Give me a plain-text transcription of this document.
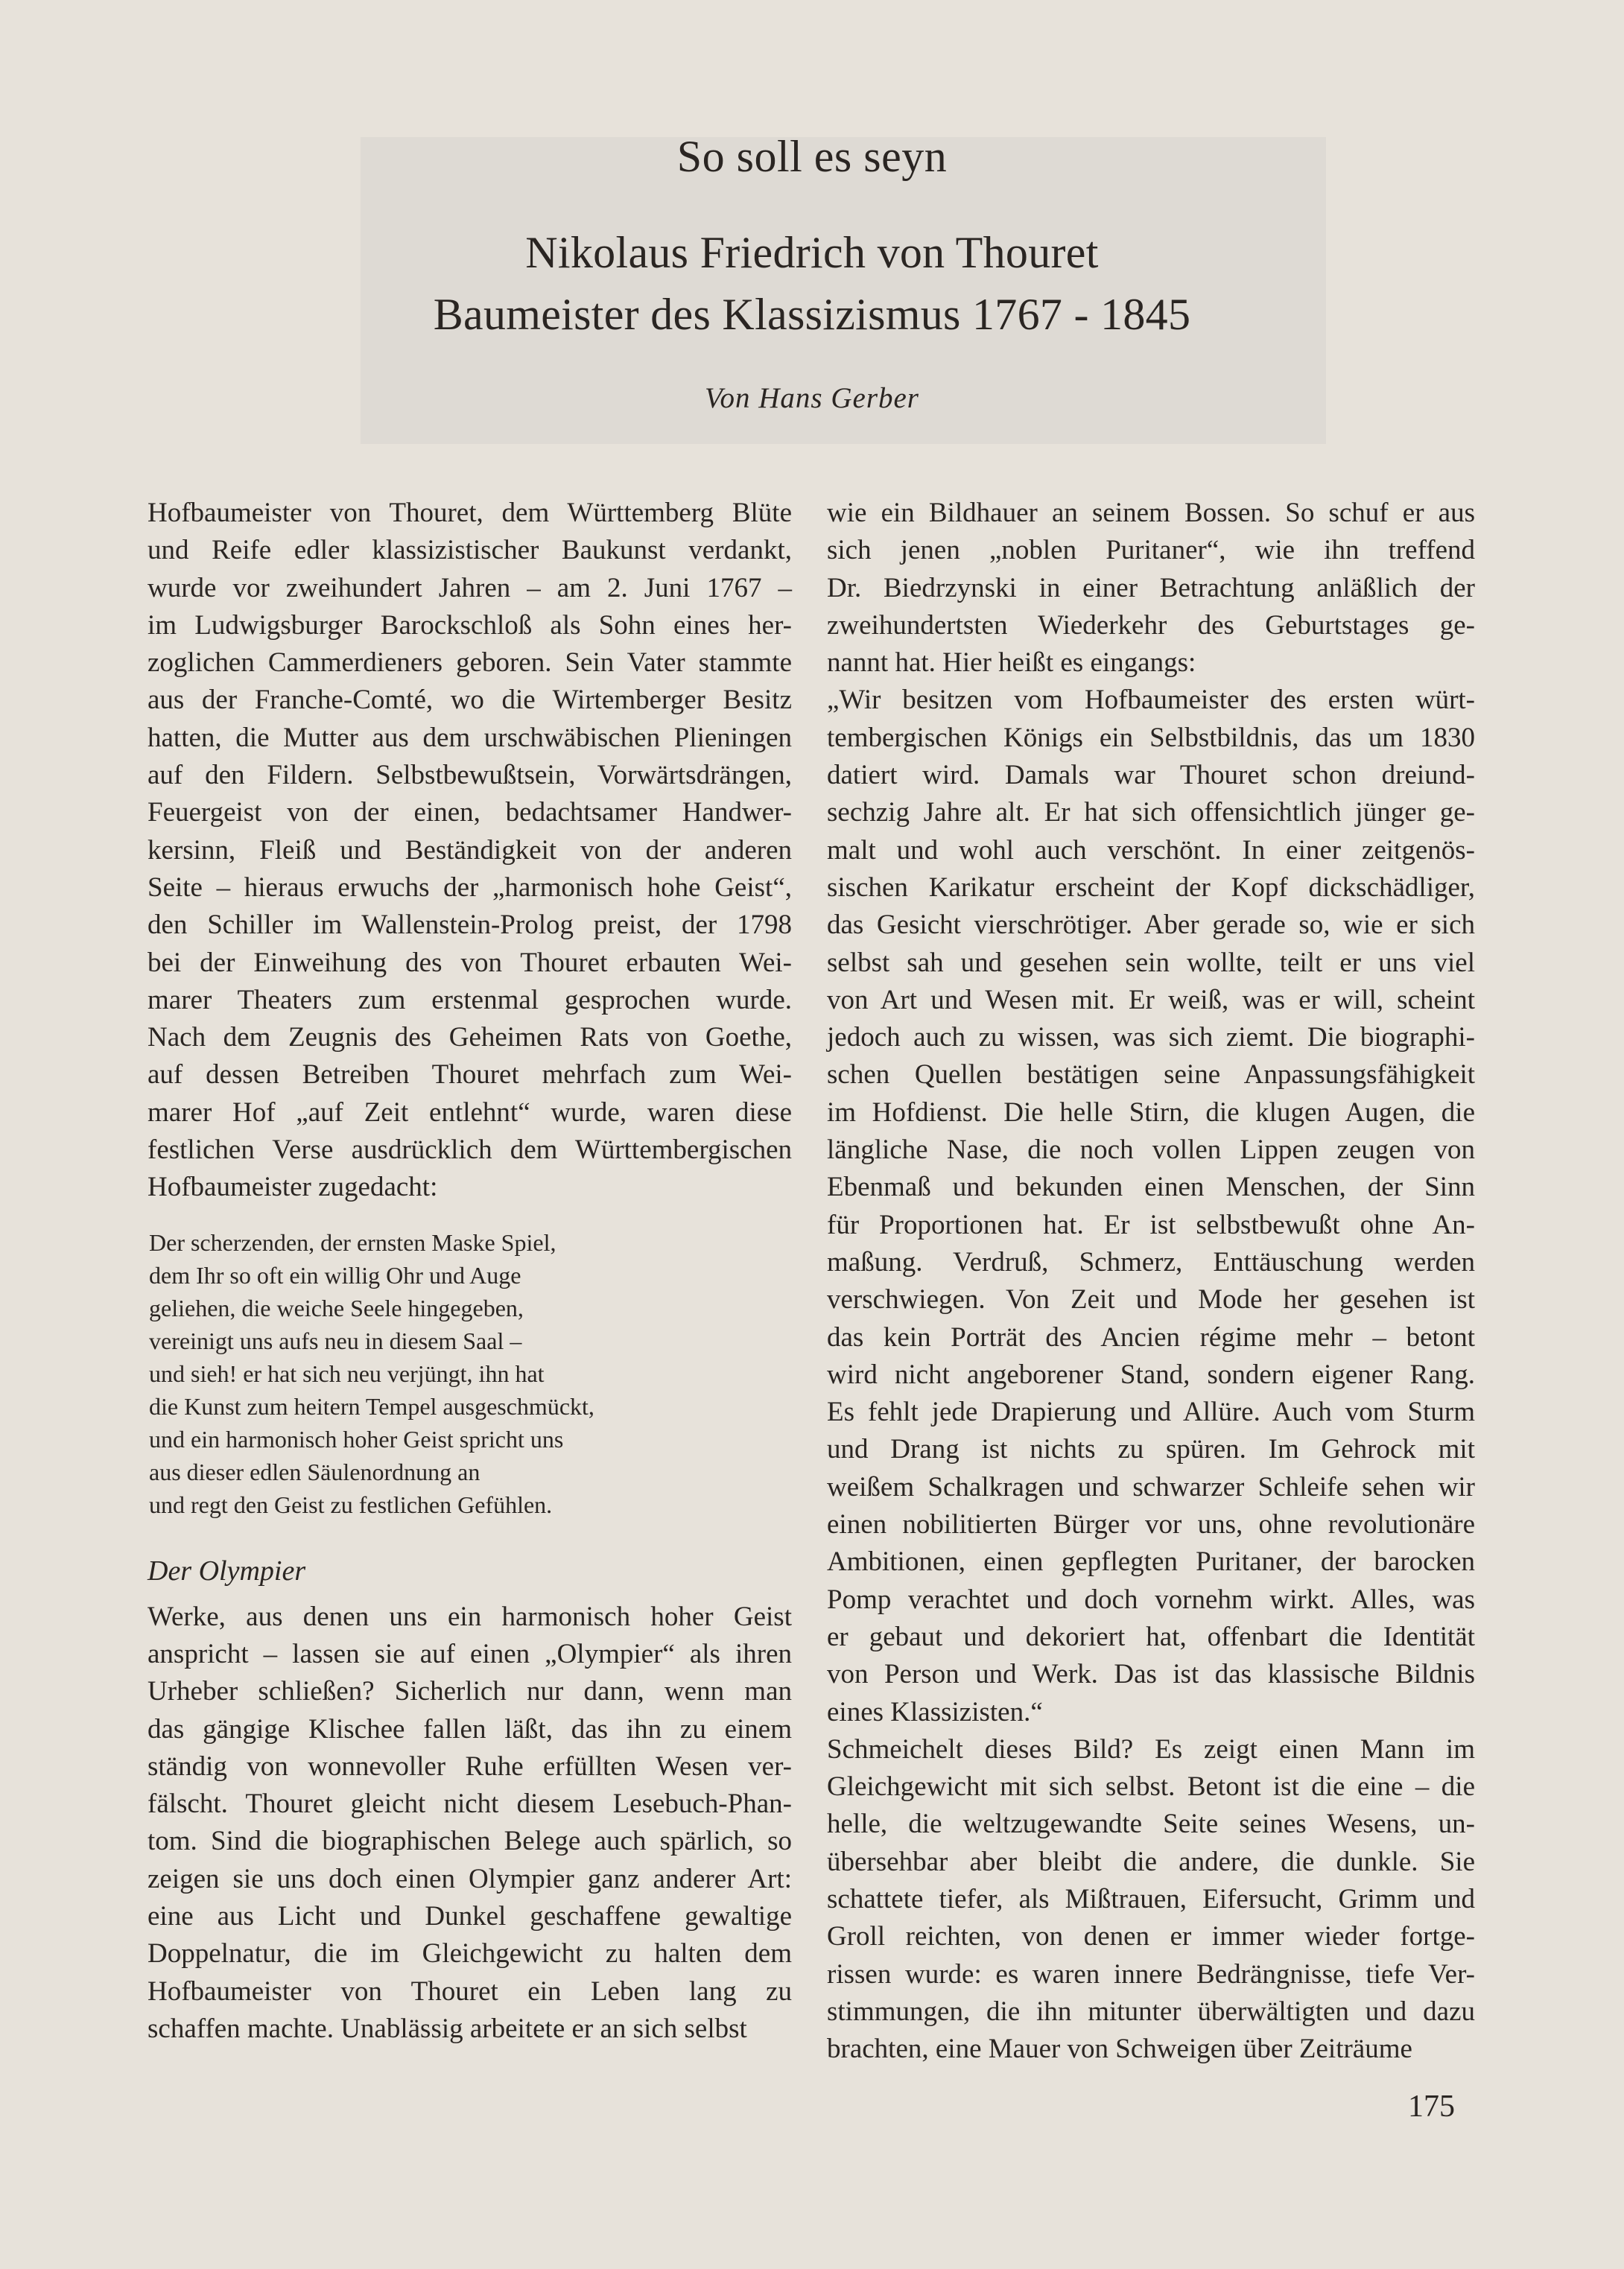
So soll es seyn
Nikolaus Friedrich von Thouret
Baumeister des Klassizismus 1767 - 1845
Von Hans Gerber
Hofbaumeister von Thouret, dem Württemberg Blüte
und Reife edler klassizistischer Baukunst verdankt,
wurde vor zweihundert Jahren – am 2. Juni 1767 –
im Ludwigsburger Barockschloß als Sohn eines her-
zoglichen Cammerdieners geboren. Sein Vater stammte
aus der Franche-Comté, wo die Wirtemberger Besitz
hatten, die Mutter aus dem urschwäbischen Plieningen
auf den Fildern. Selbstbewußtsein, Vorwärtsdrängen,
Feuergeist von der einen, bedachtsamer Handwer-
kersinn, Fleiß und Beständigkeit von der anderen
Seite – hieraus erwuchs der „harmonisch hohe Geist“,
den Schiller im Wallenstein-Prolog preist, der 1798
bei der Einweihung des von Thouret erbauten Wei-
marer Theaters zum erstenmal gesprochen wurde.
Nach dem Zeugnis des Geheimen Rats von Goethe,
auf dessen Betreiben Thouret mehrfach zum Wei-
marer Hof „auf Zeit entlehnt“ wurde, waren diese
festlichen Verse ausdrücklich dem Württembergischen
Hofbaumeister zugedacht:
Der scherzenden, der ernsten Maske Spiel,
dem Ihr so oft ein willig Ohr und Auge
geliehen, die weiche Seele hingegeben,
vereinigt uns aufs neu in diesem Saal –
und sieh! er hat sich neu verjüngt, ihn hat
die Kunst zum heitern Tempel ausgeschmückt,
und ein harmonisch hoher Geist spricht uns
aus dieser edlen Säulenordnung an
und regt den Geist zu festlichen Gefühlen.
Der Olympier
Werke, aus denen uns ein harmonisch hoher Geist
anspricht – lassen sie auf einen „Olympier“ als ihren
Urheber schließen? Sicherlich nur dann, wenn man
das gängige Klischee fallen läßt, das ihn zu einem
ständig von wonnevoller Ruhe erfüllten Wesen ver-
fälscht. Thouret gleicht nicht diesem Lesebuch-Phan-
tom. Sind die biographischen Belege auch spärlich, so
zeigen sie uns doch einen Olympier ganz anderer Art:
eine aus Licht und Dunkel geschaffene gewaltige
Doppelnatur, die im Gleichgewicht zu halten dem
Hofbaumeister von Thouret ein Leben lang zu
schaffen machte. Unablässig arbeitete er an sich selbst
wie ein Bildhauer an seinem Bossen. So schuf er aus
sich jenen „noblen Puritaner“, wie ihn treffend
Dr. Biedrzynski in einer Betrachtung anläßlich der
zweihundertsten Wiederkehr des Geburtstages ge-
nannt hat. Hier heißt es eingangs:
„Wir besitzen vom Hofbaumeister des ersten würt-
tembergischen Königs ein Selbstbildnis, das um 1830
datiert wird. Damals war Thouret schon dreiund-
sechzig Jahre alt. Er hat sich offensichtlich jünger ge-
malt und wohl auch verschönt. In einer zeitgenös-
sischen Karikatur erscheint der Kopf dickschädliger,
das Gesicht vierschrötiger. Aber gerade so, wie er sich
selbst sah und gesehen sein wollte, teilt er uns viel
von Art und Wesen mit. Er weiß, was er will, scheint
jedoch auch zu wissen, was sich ziemt. Die biographi-
schen Quellen bestätigen seine Anpassungsfähigkeit
im Hofdienst. Die helle Stirn, die klugen Augen, die
längliche Nase, die noch vollen Lippen zeugen von
Ebenmaß und bekunden einen Menschen, der Sinn
für Proportionen hat. Er ist selbstbewußt ohne An-
maßung. Verdruß, Schmerz, Enttäuschung werden
verschwiegen. Von Zeit und Mode her gesehen ist
das kein Porträt des Ancien régime mehr – betont
wird nicht angeborener Stand, sondern eigener Rang.
Es fehlt jede Drapierung und Allüre. Auch vom Sturm
und Drang ist nichts zu spüren. Im Gehrock mit
weißem Schalkragen und schwarzer Schleife sehen wir
einen nobilitierten Bürger vor uns, ohne revolutionäre
Ambitionen, einen gepflegten Puritaner, der barocken
Pomp verachtet und doch vornehm wirkt. Alles, was
er gebaut und dekoriert hat, offenbart die Identität
von Person und Werk. Das ist das klassische Bildnis
eines Klassizisten.“
Schmeichelt dieses Bild? Es zeigt einen Mann im
Gleichgewicht mit sich selbst. Betont ist die eine – die
helle, die weltzugewandte Seite seines Wesens, un-
übersehbar aber bleibt die andere, die dunkle. Sie
schattete tiefer, als Mißtrauen, Eifersucht, Grimm und
Groll reichten, von denen er immer wieder fortge-
rissen wurde: es waren innere Bedrängnisse, tiefe Ver-
stimmungen, die ihn mitunter überwältigten und dazu
brachten, eine Mauer von Schweigen über Zeiträume
175
